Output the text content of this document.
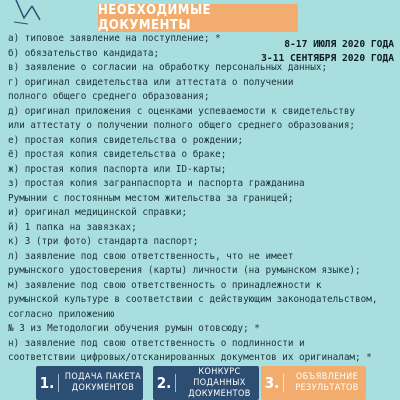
НЕОБХОДИМЫЕ ДОКУМЕНТЫ
8-17 ИЮЛЯ 2020 ГОДА
3-11 СЕНТЯБРЯ 2020 ГОДА
а) типовое заявление на поступление; *
б) обязательство кандидата;
в) заявление о согласии на обработку персональных данных;
г) оригинал свидетельства или аттестата о получении
полного общего среднего образования;
д) оригинал приложения с оценками успеваемости к свидетельству
или аттестату о получении полного общего среднего образования;
е) простая копия свидетельства о рождении;
ё) простая копия свидетельства о браке;
ж) простая копия паспорта или ID-карты;
з) простая копия загранпаспорта и паспорта гражданина
Румынии с постоянным местом жительства за границей;
и) оригинал медицинской справки;
й) 1 папка на завязках;
к) 3 (три фото) стандарта паспорт;
л) заявление под свою ответственность, что не имеет
румынского удостоверения (карты) личности (на румынском языке);
м) заявление под свою ответственность о принадлежности к
румынской культуре в соответствии с действующим законодательством,
согласно приложению
№ 3 из Методологии обучения румын отовсюду; *
н) заявление под свою ответственность о подлинности и
соответствии цифровых/отсканированных документов их оригиналам; *
1.	ПОДАЧА ПАКЕТА ДОКУМЕНТОВ	2.
КОНКУРС ПОДАННЫХ ДОКУМЕНТОВ
3.	ОБЪЯВЛЕНИЕ РЕЗУЛЬТАТОВ
